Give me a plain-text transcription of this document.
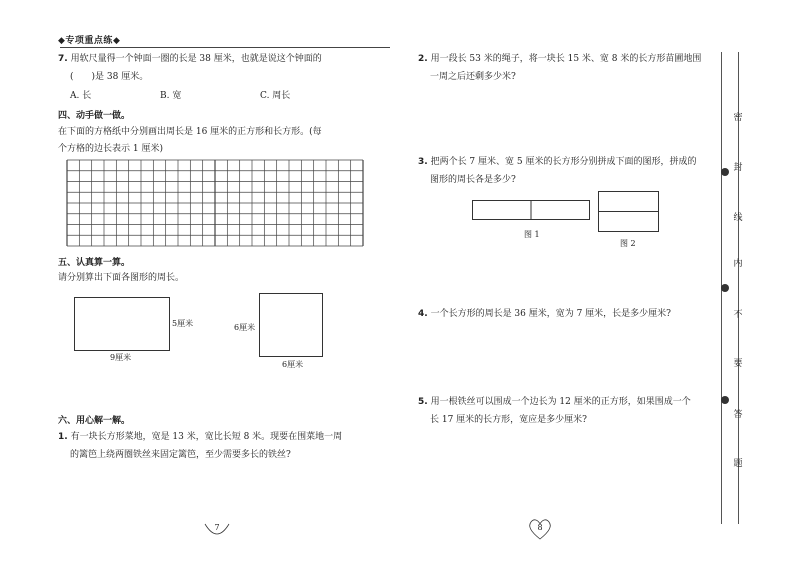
◆专项重点练◆
7. 用软尺量得一个钟面一圈的长是 38 厘米，也就是说这个钟面的
(　　)是 38 厘米。
A. 长	B. 宽	C. 周长
四、动手做一做。
在下面的方格纸中分别画出周长是 16 厘米的正方形和长方形。(每
个方格的边长表示 1 厘米)
五、认真算一算。
请分别算出下面各图形的周长。
5厘米
9厘米
6厘米
6厘米
六、用心解一解。
1. 有一块长方形菜地，宽是 13 米，宽比长短 8 米。现要在围菜地一周
的篱笆上绕两圈铁丝来固定篱笆，至少需要多长的铁丝?
7
2. 用一段长 53 米的绳子，将一块长 15 米、宽 8 米的长方形苗圃地围
一周之后还剩多少米?
3. 把两个长 7 厘米、宽 5 厘米的长方形分别拼成下面的图形，拼成的
图形的周长各是多少?
图 1
图 2
4. 一个长方形的周长是 36 厘米，宽为 7 厘米，长是多少厘米?
5. 用一根铁丝可以围成一个边长为 12 厘米的正方形，如果围成一个
长 17 厘米的长方形，宽应是多少厘米?
8
密
封
线
内
不
要
答
题
